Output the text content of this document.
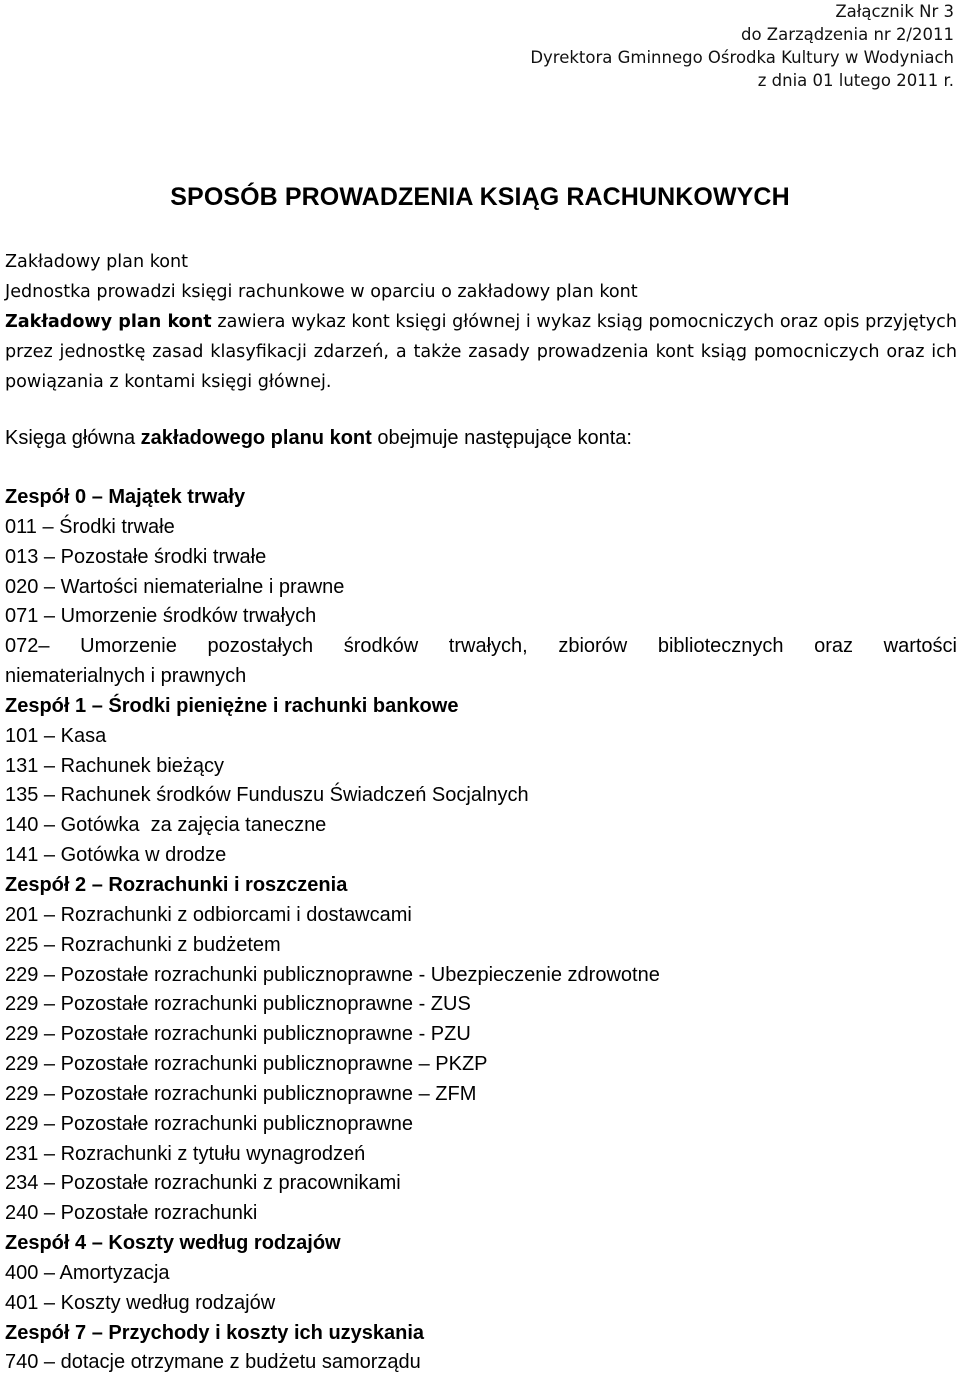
Załącznik Nr 3
do Zarządzenia nr 2/2011
Dyrektora Gminnego Ośrodka Kultury w Wodyniach
z dnia 01 lutego 2011 r.
SPOSÓB PROWADZENIA KSIĄG RACHUNKOWYCH
Zakładowy plan kont
Jednostka prowadzi księgi rachunkowe w oparciu o zakładowy plan kont
Zakładowy plan kont zawiera wykaz kont księgi głównej i wykaz ksiąg pomocniczych oraz opis przyjętych przez jednostkę zasad klasyfikacji zdarzeń, a także zasady prowadzenia kont ksiąg pomocniczych oraz ich powiązania z kontami księgi głównej.
Księga główna zakładowego planu kont obejmuje następujące konta:
Zespół 0 – Majątek trwały
011 – Środki trwałe
013 – Pozostałe środki trwałe
020 – Wartości niematerialne i prawne
071 – Umorzenie środków trwałych
072– Umorzenie pozostałych środków trwałych, zbiorów bibliotecznych oraz wartości
niematerialnych i prawnych
Zespół 1 – Środki pieniężne i rachunki bankowe
101 – Kasa
131 – Rachunek bieżący
135 – Rachunek środków Funduszu Świadczeń Socjalnych
140 – Gotówka  za zajęcia taneczne
141 – Gotówka w drodze
Zespół 2 – Rozrachunki i roszczenia
201 – Rozrachunki z odbiorcami i dostawcami
225 – Rozrachunki z budżetem
229 – Pozostałe rozrachunki publicznoprawne - Ubezpieczenie zdrowotne
229 – Pozostałe rozrachunki publicznoprawne - ZUS
229 – Pozostałe rozrachunki publicznoprawne - PZU
229 – Pozostałe rozrachunki publicznoprawne – PKZP
229 – Pozostałe rozrachunki publicznoprawne – ZFM
229 – Pozostałe rozrachunki publicznoprawne
231 – Rozrachunki z tytułu wynagrodzeń
234 – Pozostałe rozrachunki z pracownikami
240 – Pozostałe rozrachunki
Zespół 4 – Koszty według rodzajów
400 – Amortyzacja
401 – Koszty według rodzajów
Zespół 7 – Przychody i koszty ich uzyskania
740 – dotacje otrzymane z budżetu samorządu
